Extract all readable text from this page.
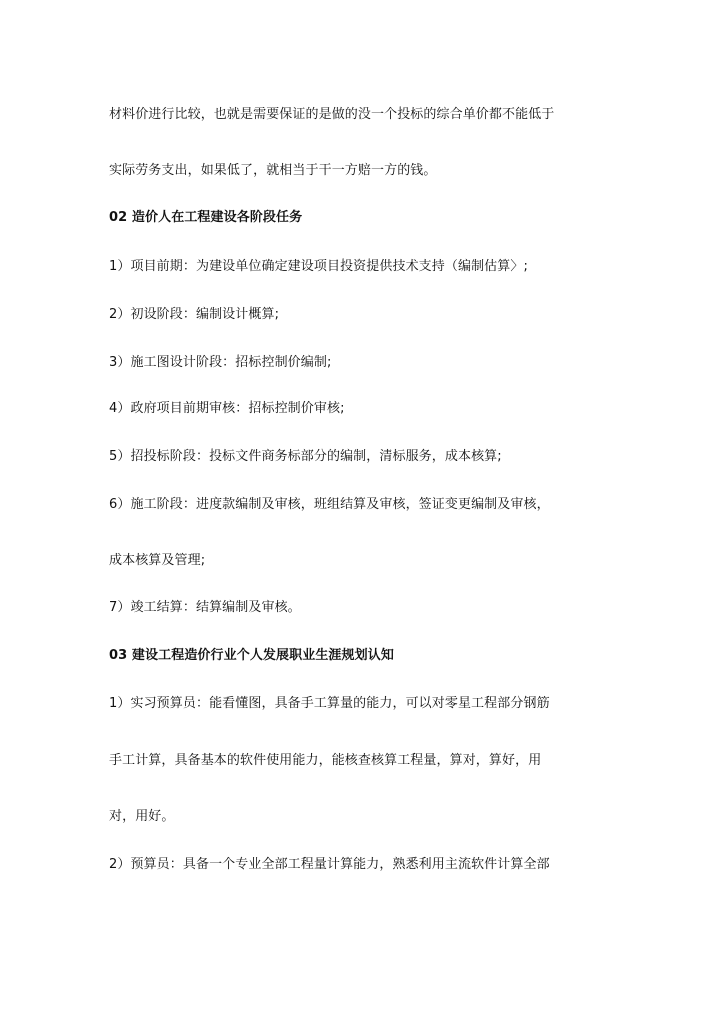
材料价进行比较，也就是需要保证的是做的没一个投标的综合单价都不能低于
实际劳务支出，如果低了，就相当于干一方赔一方的钱。
02 造价人在工程建设各阶段任务
1）项目前期：为建设单位确定建设项目投资提供技术支持（编制估算〉;
2）初设阶段：编制设计概算;
3）施工图设计阶段：招标控制价编制;
4）政府项目前期审核：招标控制价审核;
5）招投标阶段：投标文件商务标部分的编制，清标服务，成本核算;
6）施工阶段：进度款编制及审核，班组结算及审核，签证变更编制及审核，
成本核算及管理;
7）竣工结算：结算编制及审核。
03 建设工程造价行业个人发展职业生涯规划认知
1）实习预算员：能看懂图，具备手工算量的能力，可以对零星工程部分钢筋
手工计算，具备基本的软件使用能力，能核查核算工程量，算对，算好，用
对，用好。
2）预算员：具备一个专业全部工程量计算能力，熟悉利用主流软件计算全部
